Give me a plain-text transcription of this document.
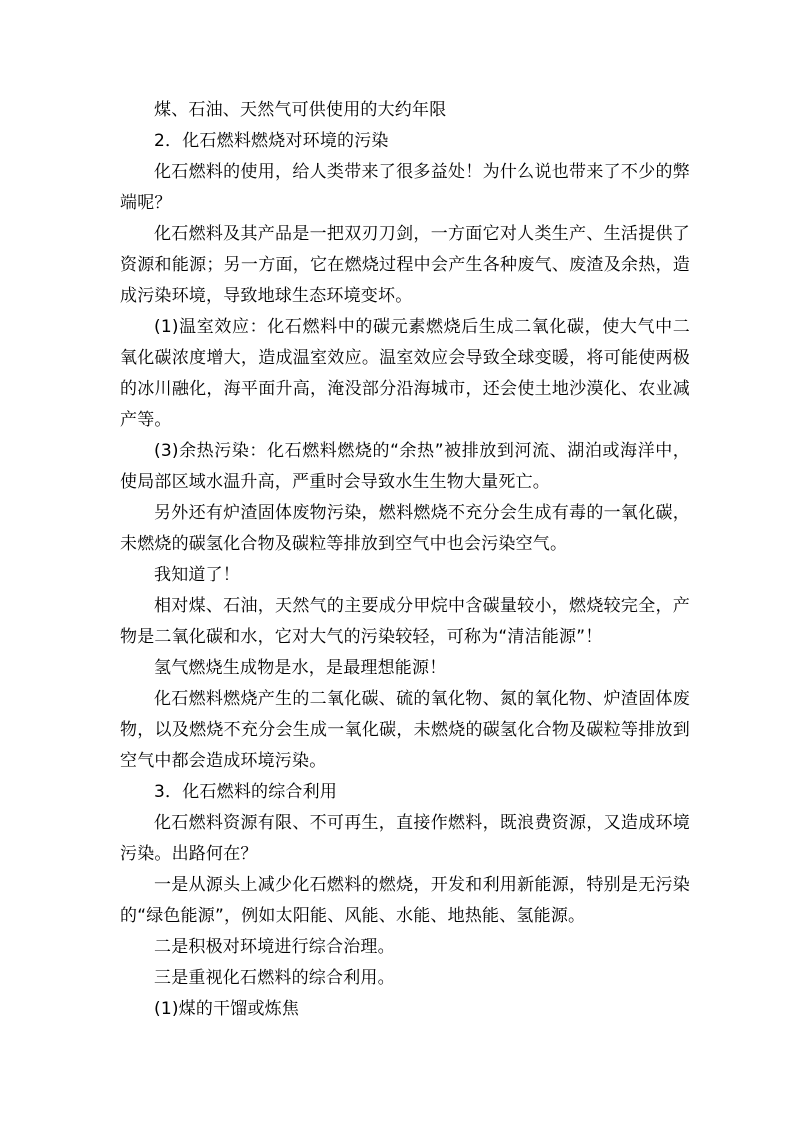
煤、石油、天然气可供使用的大约年限

2．化石燃料燃烧对环境的污染

化石燃料的使用，给人类带来了很多益处！为什么说也带来了不少的弊端呢？

化石燃料及其产品是一把双刃刀剑，一方面它对人类生产、生活提供了资源和能源；另一方面，它在燃烧过程中会产生各种废气、废渣及余热，造成污染环境，导致地球生态环境变坏。

(1)温室效应：化石燃料中的碳元素燃烧后生成二氧化碳，使大气中二氧化碳浓度增大，造成温室效应。温室效应会导致全球变暖，将可能使两极的冰川融化，海平面升高，淹没部分沿海城市，还会使土地沙漠化、农业减产等。

(3)余热污染：化石燃料燃烧的“余热”被排放到河流、湖泊或海洋中，使局部区域水温升高，严重时会导致水生生物大量死亡。

另外还有炉渣固体废物污染，燃料燃烧不充分会生成有毒的一氧化碳，未燃烧的碳氢化合物及碳粒等排放到空气中也会污染空气。

我知道了！

相对煤、石油，天然气的主要成分甲烷中含碳量较小，燃烧较完全，产物是二氧化碳和水，它对大气的污染较轻，可称为“清洁能源”！

氢气燃烧生成物是水，是最理想能源！

化石燃料燃烧产生的二氧化碳、硫的氧化物、氮的氧化物、炉渣固体废物，以及燃烧不充分会生成一氧化碳，未燃烧的碳氢化合物及碳粒等排放到空气中都会造成环境污染。

3．化石燃料的综合利用

化石燃料资源有限、不可再生，直接作燃料，既浪费资源，又造成环境污染。出路何在？

一是从源头上减少化石燃料的燃烧，开发和利用新能源，特别是无污染的“绿色能源”，例如太阳能、风能、水能、地热能、氢能源。

二是积极对环境进行综合治理。

三是重视化石燃料的综合利用。

(1)煤的干馏或炼焦
